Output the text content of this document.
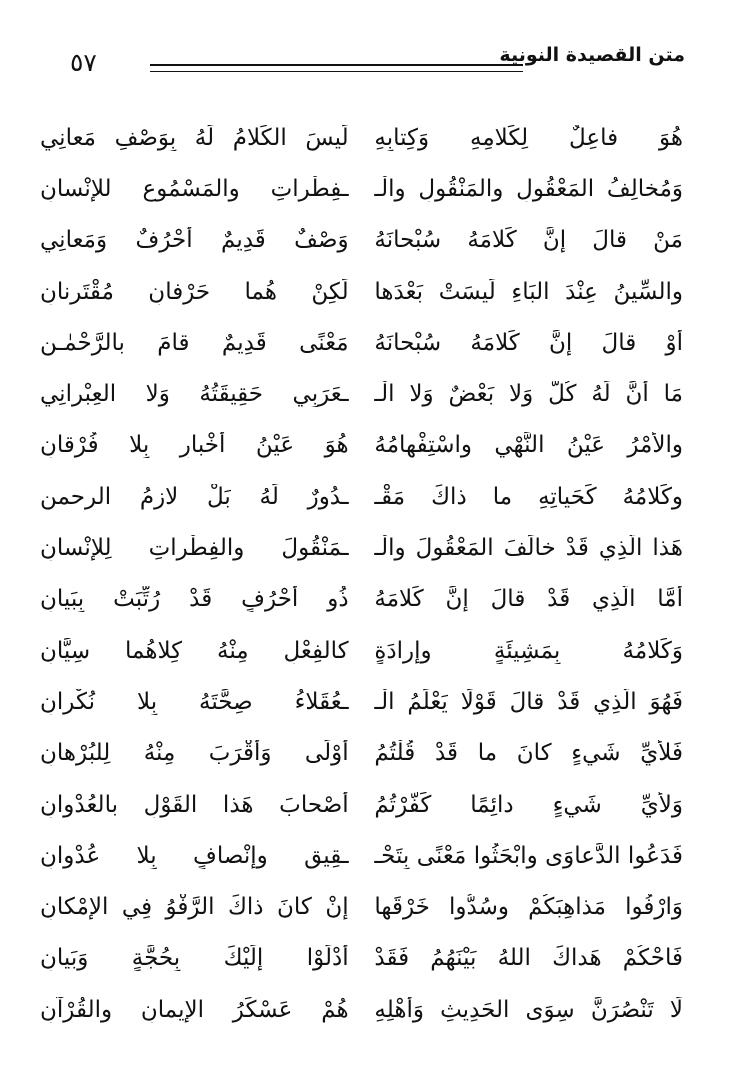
متن القصيدة النونية
٥٧
هُوَ فاعِلٌ لِكَلامِهِ وَكِتابِهِ
لَيسَ الكَلامُ لَهُ بِوَصْفِ مَعانِي
وَمُخالِفُ المَعْقُولِ والمَنْقُولِ والْـ
ـفِطْراتِ والمَسْمُوعِ للإِنْسانِ
مَنْ قالَ إنَّ كَلامَهُ سُبْحانَهُ
وَصْفٌ قَدِيمٌ أحْرُفٌ وَمَعانِي
والسِّينُ عِنْدَ البَاءِ لَيسَتْ بَعْدَها
لَكِنْ هُما حَرْفانِ مُقْتَرِنانِ
أَوْ قالَ إنَّ كَلامَهُ سُبْحانَهُ
مَعْنًى قَدِيمٌ قامَ بالرَّحْمٰـنِ
مَا أنَّ لَهُ كُلٌّ وَلا بَعْضٌ وَلا الْـ
ـعَرَبِي حَقِيقَتُهُ وَلا العِبْرانِي
والأَمْرُ عَيْنُ النَّهْيِ واسْتِفْهامُهُ
هُوَ عَيْنُ أَخْبارٍ بِلا فُرْقانِ
وكَلامُهُ كَحَياتِهِ ما ذاكَ مَقْـ
ـدُورٌ لَهُ بَلْ لازِمُ الرحمنِ
هَذا الَّذِي قَدْ خالَفَ المَعْقُولَ والْـ
ـمَنْقُولَ والفِطْراتِ لِلإِنْسانِ
أَمَّا الَّذِي قَدْ قالَ إنَّ كَلامَهُ
ذُو أَحْرُفٍ قَدْ رُتِّبَتْ بِبَيانِ
وَكَلامُهُ بِمَشِيئَةٍ وإرادَةٍ
كالفِعْلِ مِنْهُ كِلاهُما سِيَّانِ
فَهُوَ الَّذِي قَدْ قالَ قَوْلًا يَعْلَمُ الْـ
ـعُقَلاءُ صِحَّتَهُ بِلا نُكْرانِ
فَلأَيِّ شَيءٍ كانَ ما قَدْ قُلْتُمُ
أَوْلَى وَأَقْرَبَ مِنْهُ لِلبُرْهانِ
وَلأَيِّ شَيءٍ دائِمًا كَفَّرْتُمُ
أَصْحابَ هَذا القَوْلِ بالعُدْوانِ
فَدَعُوا الدَّعاوَى وابْحَثُوا مَعْنًى بِتَحْـ
ـقِيقٍ وإنْصافٍ بِلا عُدْوانِ
وَارْفُوا مَذاهِبَكُمْ وسُدُّوا خَرْقَها
إنْ كانَ ذاكَ الرَّفْوُ فِي الإِمْكانِ
فَاحْكُمْ هَداكَ اللهُ بَيْنَهُمُ فَقَدْ
أَدْلَوْا إِلَيْكَ بِحُجَّةٍ وَبَيانِ
لَا تَنْصُرَنَّ سِوَى الحَدِيثِ وَأَهْلِهِ
هُمْ عَسْكَرُ الإِيمانِ والقُرْآنِ
